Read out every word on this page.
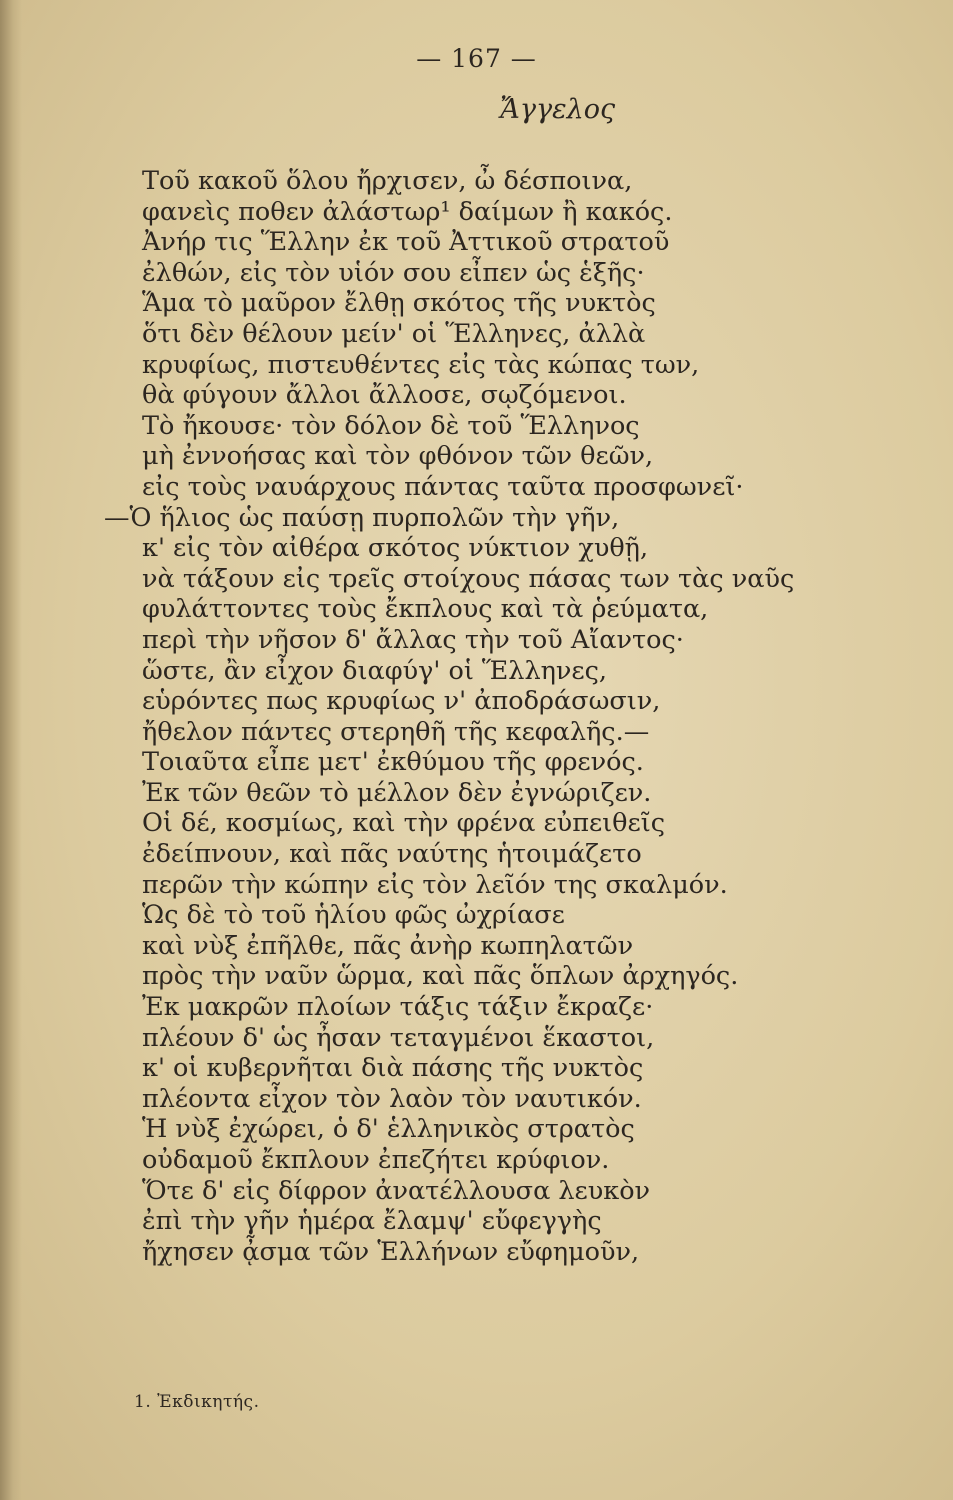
— 167 —
Ἄγγελος
Τοῦ κακοῦ ὅλου ἤρχισεν, ὦ δέσποινα,
φανεὶς ποθεν ἀλάστωρ¹ δαίμων ἢ κακός.
Ἀνήρ τις Ἕλλην ἐκ τοῦ Ἀττικοῦ στρατοῦ
ἐλθών, εἰς τὸν υἱόν σου εἶπεν ὡς ἑξῆς·
Ἅμα τὸ μαῦρον ἔλθῃ σκότος τῆς νυκτὸς
ὅτι δὲν θέλουν μείν' οἱ Ἕλληνες, ἀλλὰ
κρυφίως, πιστευθέντες εἰς τὰς κώπας των,
θὰ φύγουν ἄλλοι ἄλλοσε, σῳζόμενοι.
Τὸ ἤκουσε· τὸν δόλον δὲ τοῦ Ἕλληνος
μὴ ἐννοήσας καὶ τὸν φθόνον τῶν θεῶν,
εἰς τοὺς ναυάρχους πάντας ταῦτα προσφωνεῖ·
—Ὁ ἥλιος ὡς παύσῃ πυρπολῶν τὴν γῆν,
κ' εἰς τὸν αἰθέρα σκότος νύκτιον χυθῇ,
νὰ τάξουν εἰς τρεῖς στοίχους πάσας των τὰς ναῦς
φυλάττοντες τοὺς ἔκπλους καὶ τὰ ῥεύματα,
περὶ τὴν νῆσον δ' ἄλλας τὴν τοῦ Αἴαντος·
ὥστε, ἂν εἶχον διαφύγ' οἱ Ἕλληνες,
εὑρόντες πως κρυφίως ν' ἀποδράσωσιν,
ἤθελον πάντες στερηθῆ τῆς κεφαλῆς.—
Τοιαῦτα εἶπε μετ' ἐκθύμου τῆς φρενός.
Ἐκ τῶν θεῶν τὸ μέλλον δὲν ἐγνώριζεν.
Οἱ δέ, κοσμίως, καὶ τὴν φρένα εὐπειθεῖς
ἐδείπνουν, καὶ πᾶς ναύτης ἡτοιμάζετο
περῶν τὴν κώπην εἰς τὸν λεῖόν της σκαλμόν.
Ὡς δὲ τὸ τοῦ ἡλίου φῶς ὠχρίασε
καὶ νὺξ ἐπῆλθε, πᾶς ἀνὴρ κωπηλατῶν
πρὸς τὴν ναῦν ὥρμα, καὶ πᾶς ὅπλων ἀρχηγός.
Ἐκ μακρῶν πλοίων τάξις τάξιν ἔκραζε·
πλέουν δ' ὡς ἦσαν τεταγμένοι ἕκαστοι,
κ' οἱ κυβερνῆται διὰ πάσης τῆς νυκτὸς
πλέοντα εἶχον τὸν λαὸν τὸν ναυτικόν.
Ἡ νὺξ ἐχώρει, ὁ δ' ἑλληνικὸς στρατὸς
οὐδαμοῦ ἔκπλουν ἐπεζήτει κρύφιον.
Ὅτε δ' εἰς δίφρον ἀνατέλλουσα λευκὸν
ἐπὶ τὴν γῆν ἡμέρα ἔλαμψ' εὔφεγγὴς
ἤχησεν ᾆσμα τῶν Ἑλλήνων εὔφημοῦν,
1. Ἐκδικητής.
